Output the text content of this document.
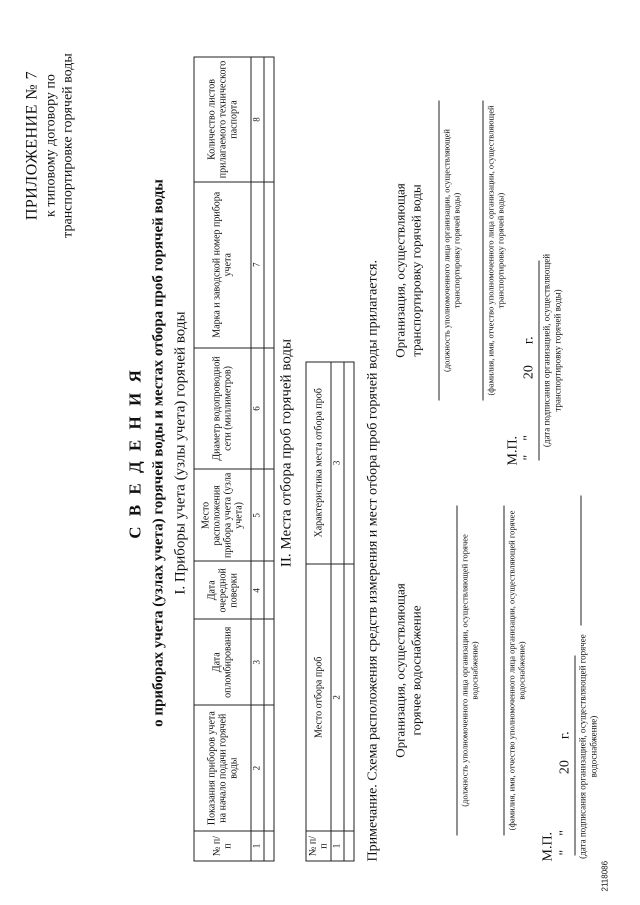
ПРИЛОЖЕНИЕ № 7 к типовому договору по транспортировке горячей воды
С В Е Д Е Н И Я о приборах учета (узлах учета) горячей воды и местах отбора проб горячей воды I. Приборы учета (узлы учета) горячей воды
№ п/п	Показания приборов учета на начало подачи горячей воды	Дата опломбирования	Дата очередной поверки	Место расположения прибора учета (узла учета)	Диаметр водопроводной сети (миллиметров)	Марка и заводской номер прибора учета	Количество листов прилагаемого технического паспорта
1	2	3	4	5	6	7	8

II. Места отбора проб горячей воды
№ п/п	Место отбора проб	Характеристика места отбора проб
1	2	3
		Примечание. Схема расположения средств измерения и мест отбора проб горячей воды прилагается. Организация, осуществляющая горячее водоснабжение	(должность уполномоченного лица организации, осуществляющей горячее водоснабжение)	(фамилия, имя, отчество уполномоченного лица организации, осуществляющей горячее водоснабжение)
М.П. "    "                20      г. (дата подписания организацией, осуществляющей горячее водоснабжение)
Организация, осуществляющая транспортировку горячей воды (должность уполномоченного лица организации, осуществляющей транспортировку горячей воды)	(фамилия, имя, отчество уполномоченного лица организации, осуществляющей транспортировку горячей воды)
М.П. "    "                20      г. (дата подписания организацией, осуществляющей транспортировку горячей воды)
2118086
